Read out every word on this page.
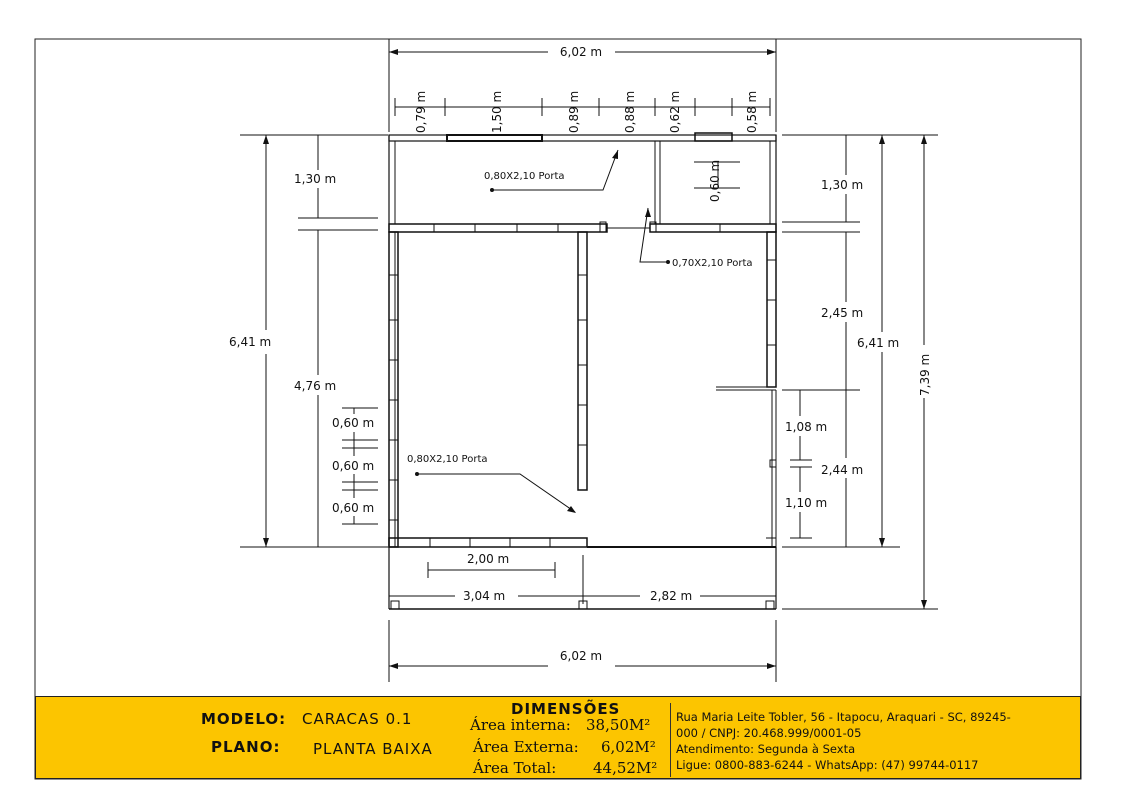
6,02 m
6,02 m
0,79 m	1,50 m	0,89 m	0,88 m	0,62 m	0,58 m
6,41 m
1,30 m
4,76 m
0,60 m
0,60 m
0,60 m
1,30 m
2,45 m
2,44 m
6,41 m
7,39 m
1,08 m
1,10 m
0,60 m
3,04 m	2,82 m
2,00 m
0,80X2,10 Porta
0,70X2,10 Porta
0,80X2,10 Porta
MODELO: CARACAS 0.1
PLANO: PLANTA BAIXA
DIMENSÕES
Área interna: 38,50M²
Área Externa: 6,02M²
Área Total: 44,52M²
Rua Maria Leite Tobler, 56 - Itapocu, Araquari - SC, 89245-
000 / CNPJ: 20.468.999/0001-05
Atendimento: Segunda à Sexta
Ligue: 0800-883-6244 - WhatsApp: (47) 99744-0117
